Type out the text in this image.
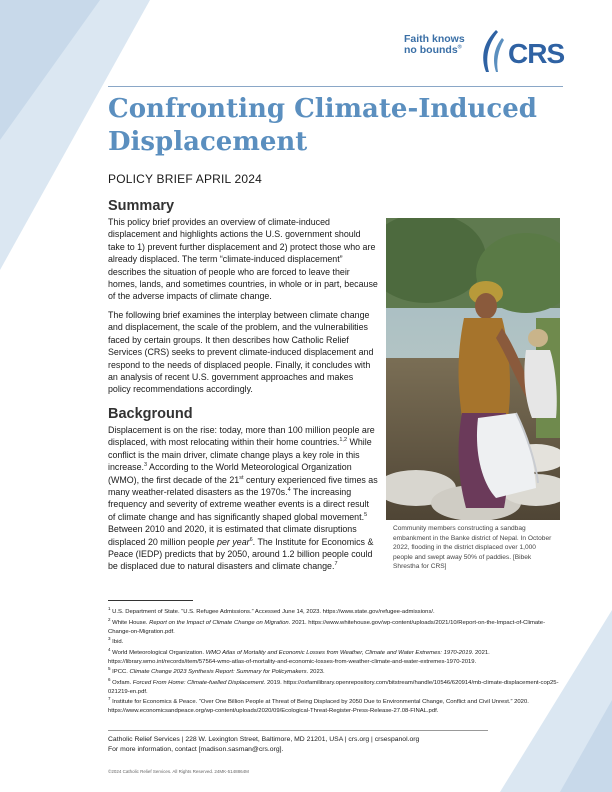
Faith knows
no bounds® CRS
Confronting Climate-Induced Displacement
POLICY BRIEF APRIL 2024
Summary

This policy brief provides an overview of climate-induced displacement and highlights actions the U.S. government should take to 1) prevent further displacement and 2) protect those who are already displaced. The term “climate-induced displacement” describes the situation of people who are forced to leave their homes, lands, and sometimes countries, in whole or in part, because of the adverse impacts of climate change.

The following brief examines the interplay between climate change and displacement, the scale of the problem, and the vulnerabilities faced by certain groups. It then describes how Catholic Relief Services (CRS) seeks to prevent climate-induced displacement and respond to the needs of displaced people. Finally, it concludes with an analysis of recent U.S. government approaches and makes policy recommendations accordingly.

Background

Displacement is on the rise: today, more than 100 million people are displaced, with most relocating within their home countries.$^{1,2}$ While conflict is the main driver, climate change plays a key role in this increase.$^3$ According to the World Meteorological Organization (WMO), the first decade of the 21st century experienced five times as many weather-related disasters as the 1970s.$^4$ The increasing frequency and severity of extreme weather events is a direct result of climate change and has significantly shaped global movement.$^5$ Between 2010 and 2020, it is estimated that climate disruptions displaced 20 million people per year$^6$. The Institute for Economics & Peace (IEDP) predicts that by 2050, around 1.2 billion people could be displaced due to natural disasters and climate change.$^7$

Community members constructing a sandbag embankment in the Banke district of Nepal. In October 2022, flooding in the district displaced over 1,000 people and swept away 50% of paddies. [Bibek Shrestha for CRS]

$^1$ U.S. Department of State. “U.S. Refugee Admissions.” Accessed June 14, 2023. https://www.state.gov/refugee-admissions/.
$^2$ White House. Report on the Impact of Climate Change on Migration. 2021. https://www.whitehouse.gov/wp-content/uploads/2021/10/Report-on-the-Impact-of-Climate-Change-on-Migration.pdf.
$^3$ Ibid.
$^4$ World Meteorological Organization. WMO Atlas of Mortality and Economic Losses from Weather, Climate and Water Extremes: 1970-2019. 2021. https://library.wmo.int/records/item/57564-wmo-atlas-of-mortality-and-economic-losses-from-weather-climate-and-water-extremes-1970-2019.
$^5$ IPCC. Climate Change 2023 Synthesis Report: Summary for Policymakers. 2023.
$^6$ Oxfam. Forced From Home: Climate-fuelled Displacement. 2019. https://oxfamilibrary.openrepository.com/bitstream/handle/10546/620914/mb-climate-displacement-cop25-021219-en.pdf.
$^7$ Institute for Economics & Peace. “Over One Billion People at Threat of Being Displaced by 2050 Due to Environmental Change, Conflict and Civil Unrest.” 2020. https://www.economicsandpeace.org/wp-content/uploads/2020/09/Ecological-Threat-Register-Press-Release-27.08-FINAL.pdf.
Catholic Relief Services | 228 W. Lexington Street, Baltimore, MD 21201, USA | crs.org | crsespanol.org
For more information, contact [madison.sasman@crs.org].
©2024 Catholic Relief Services. All Rights Reserved. 24MK-5148864M
